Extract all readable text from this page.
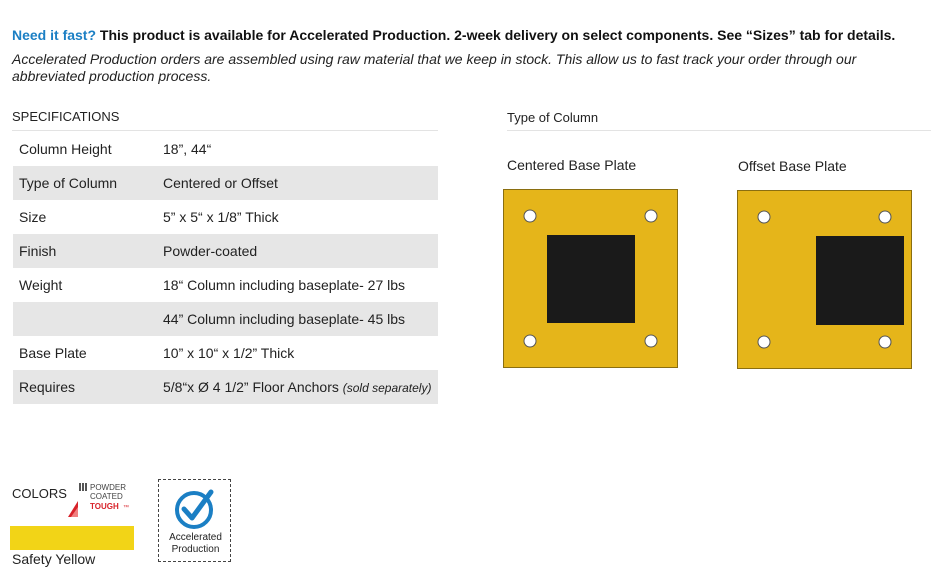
Need it fast? This product is available for Accelerated Production. 2-week delivery on select components. See “Sizes” tab for details.
Accelerated Production orders are assembled using raw material that we keep in stock. This allow us to fast track your order through our abbreviated production process.
SPECIFICATIONS
Column Height	18”, 44“
Type of Column	Centered or Offset
Size	5” x 5“ x 1/8” Thick
Finish	Powder-coated
Weight	18“ Column including baseplate- 27 lbs
	44” Column including baseplate- 45 lbs
Base Plate	10” x 10“ x 1/2” Thick
Requires	5/8“x Ø 4 1/2” Floor Anchors (sold separately)
Type of Column
Centered Base Plate	Offset Base Plate
COLORS	POWDER
COATED
TOUGH ™
Safety Yellow
Accelerated
Production
